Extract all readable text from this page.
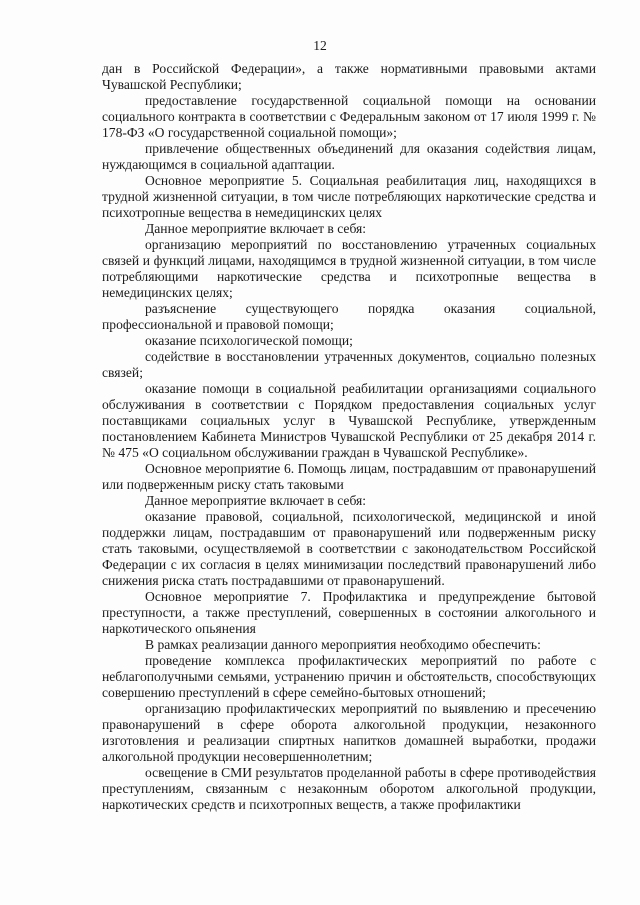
12

дан в Российской Федерации», а также нормативными правовыми актами Чувашской Республики;

предоставление государственной социальной помощи на основании социального контракта в соответствии с Федеральным законом от 17 июля 1999 г. № 178-ФЗ «О государственной социальной помощи»;

привлечение общественных объединений для оказания содействия лицам, нуждающимся в социальной адаптации.

Основное мероприятие 5. Социальная реабилитация лиц, находящихся в трудной жизненной ситуации, в том числе потребляющих наркотические средства и психотропные вещества в немедицинских целях

Данное мероприятие включает в себя:

организацию мероприятий по восстановлению утраченных социальных связей и функций лицами, находящимся в трудной жизненной ситуации, в том числе потребляющими наркотические средства и психотропные вещества в немедицинских целях;

разъяснение существующего порядка оказания социальной, профессиональной и правовой помощи;

оказание психологической помощи;

содействие в восстановлении утраченных документов, социально полезных связей;

оказание помощи в социальной реабилитации организациями социального обслуживания в соответствии с Порядком предоставления социальных услуг поставщиками социальных услуг в Чувашской Республике, утвержденным постановлением Кабинета Министров Чувашской Республики от 25 декабря 2014 г. № 475 «О социальном обслуживании граждан в Чувашской Республике».

Основное мероприятие 6. Помощь лицам, пострадавшим от правонарушений или подверженным риску стать таковыми

Данное мероприятие включает в себя:

оказание правовой, социальной, психологической, медицинской и иной поддержки лицам, пострадавшим от правонарушений или подверженным риску стать таковыми, осуществляемой в соответствии с законодательством Российской Федерации с их согласия в целях минимизации последствий правонарушений либо снижения риска стать пострадавшими от правонарушений.

Основное мероприятие 7. Профилактика и предупреждение бытовой преступности, а также преступлений, совершенных в состоянии алкогольного и наркотического опьянения

В рамках реализации данного мероприятия необходимо обеспечить:

проведение комплекса профилактических мероприятий по работе с неблагополучными семьями, устранению причин и обстоятельств, способствующих совершению преступлений в сфере семейно-бытовых отношений;

организацию профилактических мероприятий по выявлению и пресечению правонарушений в сфере оборота алкогольной продукции, незаконного изготовления и реализации спиртных напитков домашней выработки, продажи алкогольной продукции несовершеннолетним;

освещение в СМИ результатов проделанной работы в сфере противодействия преступлениям, связанным с незаконным оборотом алкогольной продукции, наркотических средств и психотропных веществ, а также профилактики
